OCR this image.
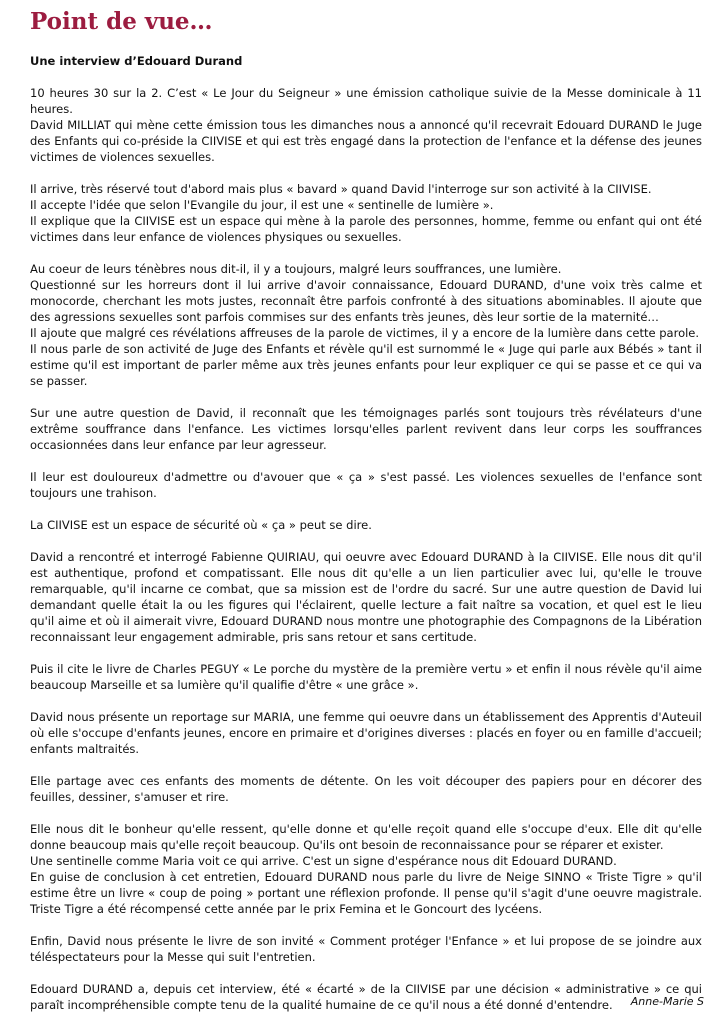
Point de vue…
Une interview d’Edouard Durand
10 heures 30 sur la 2. C’est « Le Jour du Seigneur » une émission catholique suivie de la Messe dominicale à 11 heures.
David MILLIAT qui mène cette émission tous les dimanches nous a annoncé qu'il recevrait Edouard DURAND le Juge des Enfants qui co-préside la CIIVISE et qui est très engagé dans la protection de l'enfance et la défense des jeunes victimes de violences sexuelles.
Il arrive, très réservé tout d'abord mais plus « bavard » quand David l'interroge sur son activité à la CIIVISE.
Il accepte l'idée que selon l'Evangile du jour, il est une « sentinelle de lumière ».
Il explique que la CIIVISE est un espace qui mène à la parole des personnes, homme, femme ou enfant qui ont été victimes dans leur enfance de violences physiques ou sexuelles.
Au coeur de leurs ténèbres nous dit-il, il y a toujours, malgré leurs souffrances, une lumière.
Questionné sur les horreurs dont il lui arrive d'avoir connaissance, Edouard DURAND, d'une voix très calme et monocorde, cherchant les mots justes, reconnaît être parfois confronté à des situations abominables. Il ajoute que des agressions sexuelles sont parfois commises sur des enfants très jeunes, dès leur sortie de la maternité…
Il ajoute que malgré ces révélations affreuses de la parole de victimes, il y a encore de la lumière dans cette parole.
Il nous parle de son activité de Juge des Enfants et révèle qu'il est surnommé le « Juge qui parle aux Bébés » tant il estime qu'il est important de parler même aux très jeunes enfants pour leur expliquer ce qui se passe et ce qui va se passer.
Sur une autre question de David, il reconnaît que les témoignages parlés sont toujours très révélateurs d'une extrême souffrance dans l'enfance. Les victimes lorsqu'elles parlent revivent dans leur corps les souffrances occasionnées dans leur enfance par leur agresseur.
Il leur est douloureux d'admettre ou d'avouer que « ça » s'est passé. Les violences sexuelles de l'enfance sont toujours une trahison.
La CIIVISE est un espace de sécurité où « ça » peut se dire.
David a rencontré et interrogé Fabienne QUIRIAU, qui oeuvre avec Edouard DURAND à la CIIVISE. Elle nous dit qu'il est authentique, profond et compatissant. Elle nous dit qu'elle a un lien particulier avec lui, qu'elle le trouve remarquable, qu'il incarne ce combat, que sa mission est de l'ordre du sacré. Sur une autre question de David lui demandant quelle était la ou les figures qui l'éclairent, quelle lecture a fait naître sa vocation, et quel est le lieu qu'il aime et où il aimerait vivre, Edouard DURAND nous montre une photographie des Compagnons de la Libération reconnaissant leur engagement admirable, pris sans retour et sans certitude.
Puis il cite le livre de Charles PEGUY « Le porche du mystère de la première vertu » et enfin il nous révèle qu'il aime beaucoup Marseille et sa lumière qu'il qualifie d'être « une grâce ».
David nous présente un reportage sur MARIA, une femme qui oeuvre dans un établissement des Apprentis d'Auteuil où elle s'occupe d'enfants jeunes, encore en primaire et d'origines diverses : placés en foyer ou en famille d'accueil; enfants maltraités.
Elle partage avec ces enfants des moments de détente. On les voit découper des papiers pour en décorer des feuilles, dessiner, s'amuser et rire.
Elle nous dit le bonheur qu'elle ressent, qu'elle donne et qu'elle reçoit quand elle s'occupe d'eux. Elle dit qu'elle donne beaucoup mais qu'elle reçoit beaucoup. Qu'ils ont besoin de reconnaissance pour se réparer et exister.
Une sentinelle comme Maria voit ce qui arrive. C'est un signe d'espérance nous dit Edouard DURAND.
En guise de conclusion à cet entretien, Edouard DURAND nous parle du livre de Neige SINNO « Triste Tigre » qu'il estime être un livre « coup de poing » portant une réflexion profonde. Il pense qu'il s'agit d'une oeuvre magistrale. Triste Tigre a été récompensé cette année par le prix Femina et le Goncourt des lycéens.
Enfin, David nous présente le livre de son invité « Comment protéger l'Enfance » et lui propose de se joindre aux téléspectateurs pour la Messe qui suit l'entretien.
Edouard DURAND a, depuis cet interview, été « écarté » de la CIIVISE par une décision « administrative » ce qui paraît incompréhensible compte tenu de la qualité humaine de ce qu'il nous a été donné d'entendre.	Anne-Marie S
